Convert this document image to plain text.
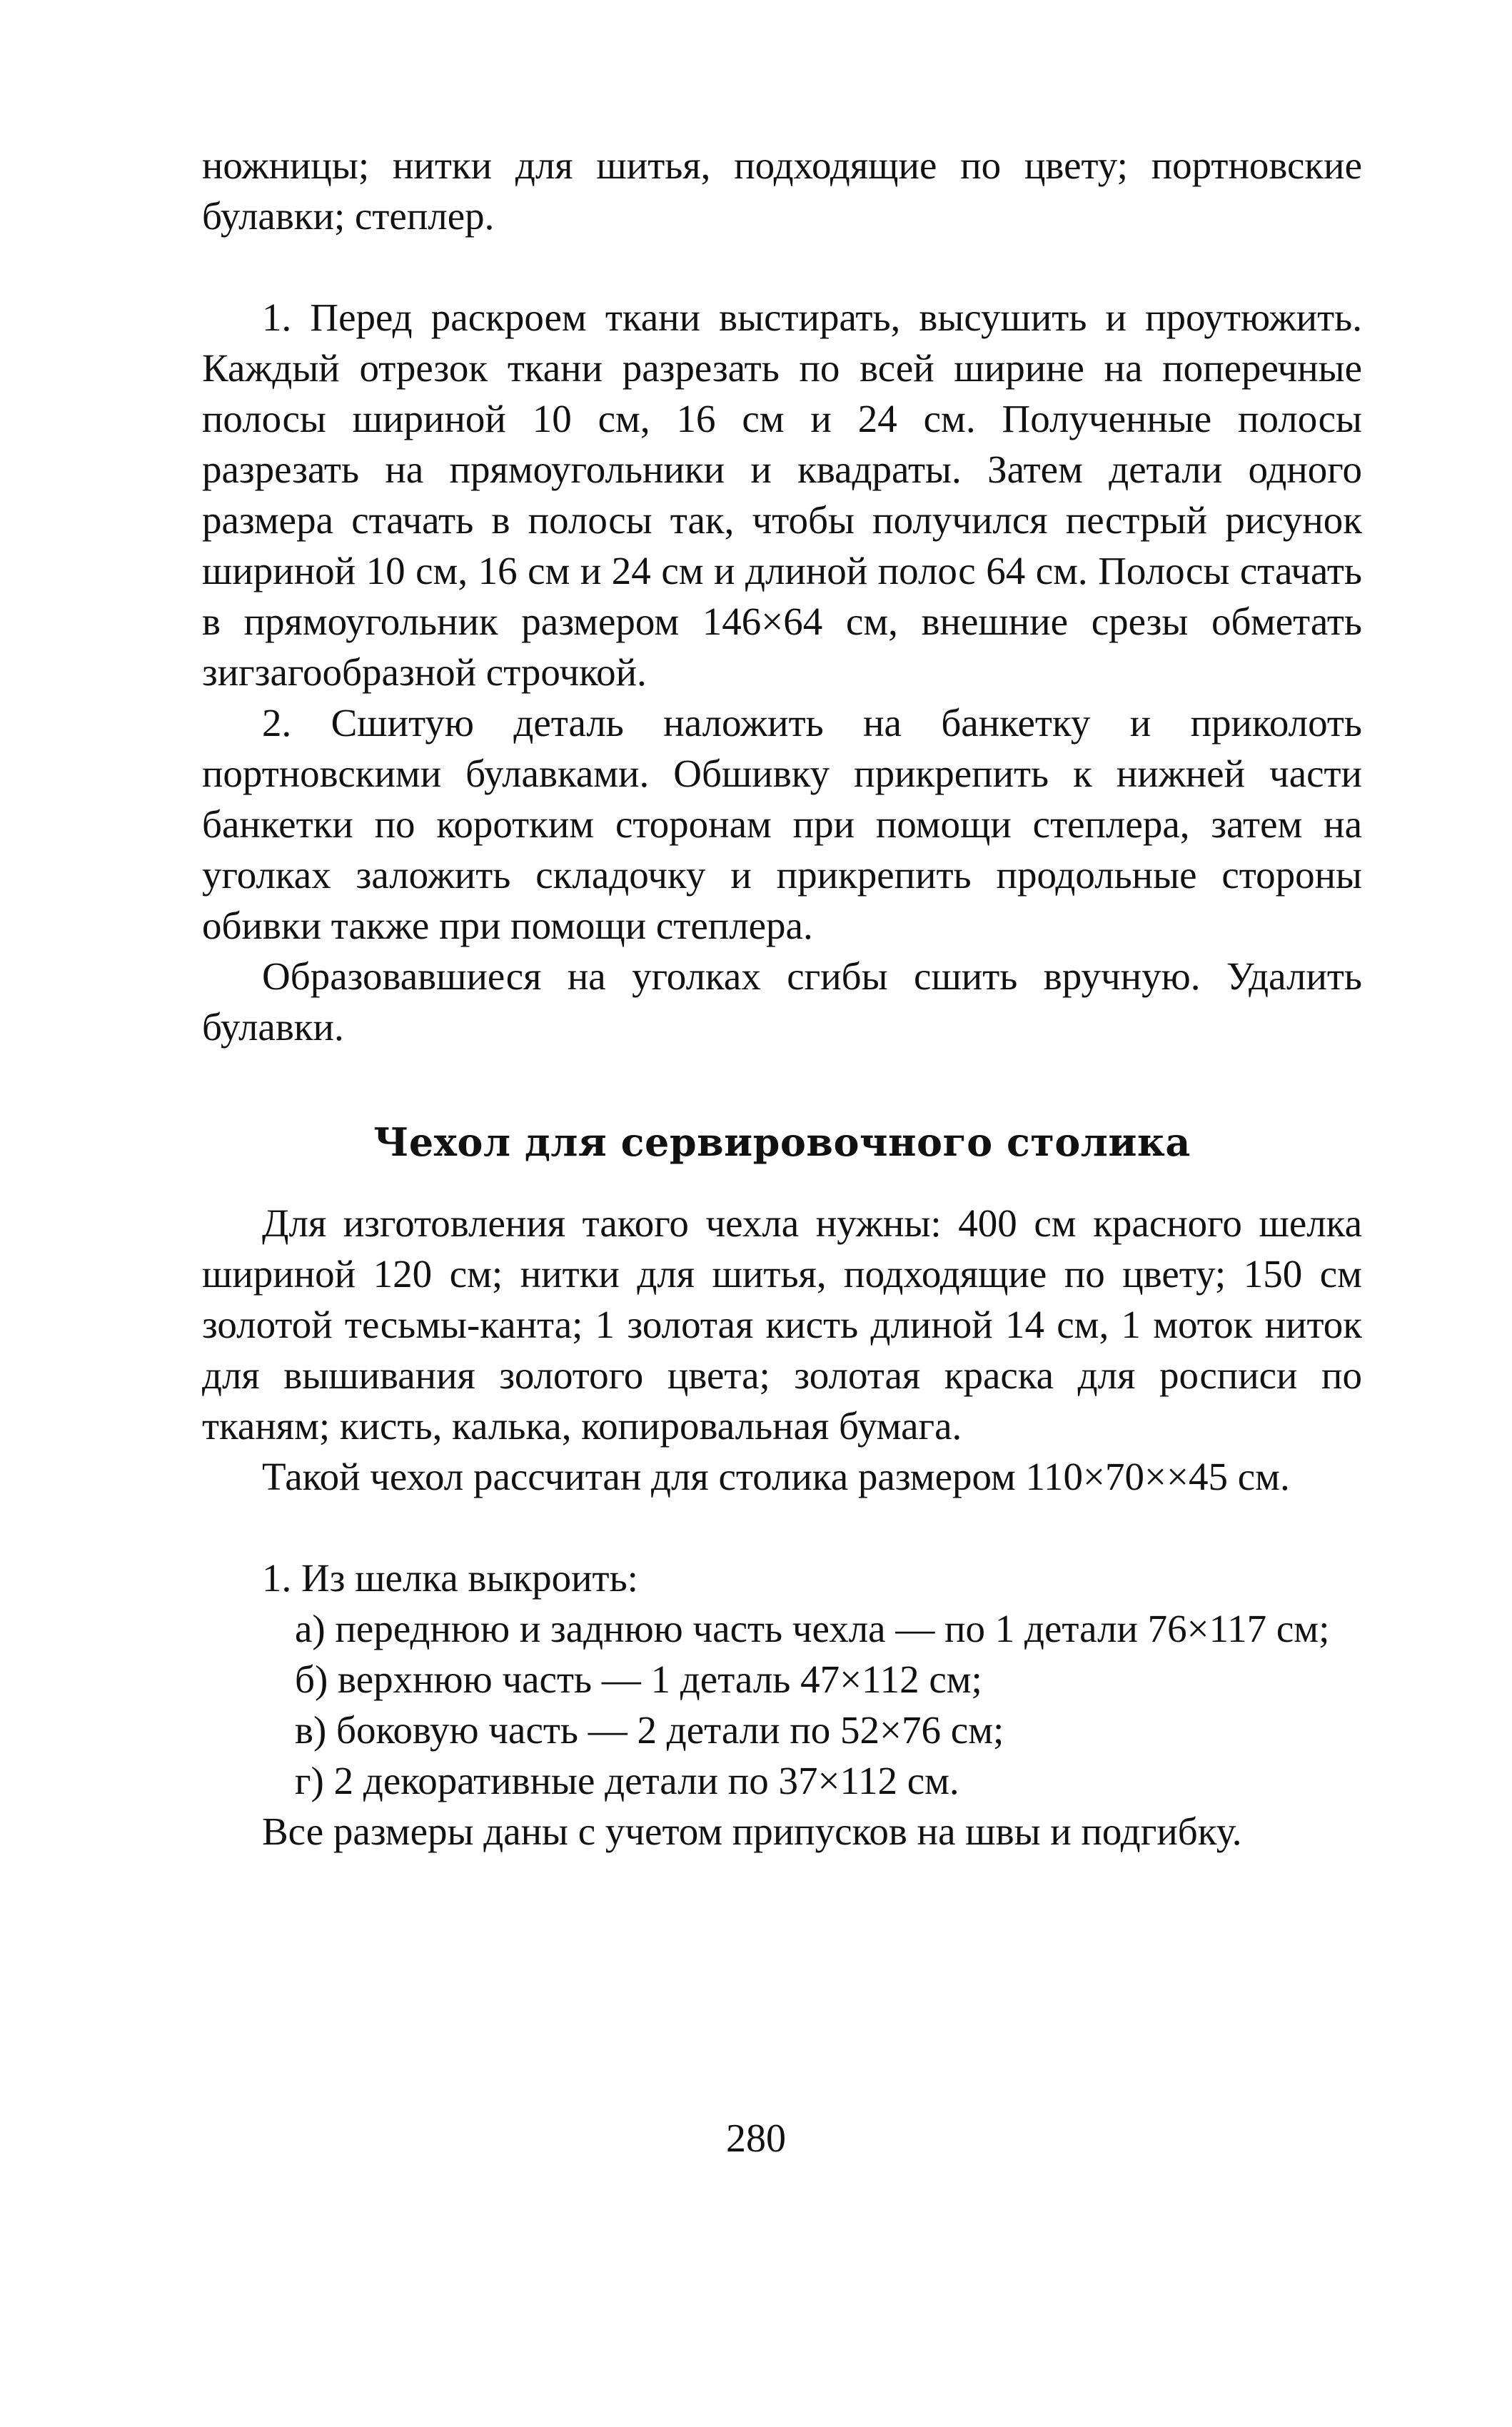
ножницы; нитки для шитья, подходящие по цвету; портновские булавки; степлер.

1. Перед раскроем ткани выстирать, высушить и проутюжить. Каждый отрезок ткани разрезать по всей ширине на поперечные полосы шириной 10 см, 16 см и 24 см. Полученные полосы разрезать на прямоугольники и квадраты. Затем детали одного размера стачать в полосы так, чтобы получился пестрый рисунок шириной 10 см, 16 см и 24 см и длиной полос 64 см. Полосы стачать в прямоугольник размером 146×64 см, внешние срезы обметать зигзагообразной строчкой.

2. Сшитую деталь наложить на банкетку и приколоть портновскими булавками. Обшивку прикрепить к нижней части банкетки по коротким сторонам при помощи степлера, затем на уголках заложить складочку и прикрепить продольные стороны обивки также при помощи степлера.

Образовавшиеся на уголках сгибы сшить вручную. Удалить булавки.

Чехол для сервировочного столика

Для изготовления такого чехла нужны: 400 см красного шелка шириной 120 см; нитки для шитья, подходящие по цвету; 150 см золотой тесьмы-канта; 1 золотая кисть длиной 14 см, 1 моток ниток для вышивания золотого цвета; золотая краска для росписи по тканям; кисть, калька, копировальная бумага.

Такой чехол рассчитан для столика размером 110×70××45 см.

1. Из шелка выкроить:

а) переднюю и заднюю часть чехла — по 1 детали 76×117 см;

б) верхнюю часть — 1 деталь 47×112 см;

в) боковую часть — 2 детали по 52×76 см;

г) 2 декоративные детали по 37×112 см.

Все размеры даны с учетом припусков на швы и подгибку.

280
